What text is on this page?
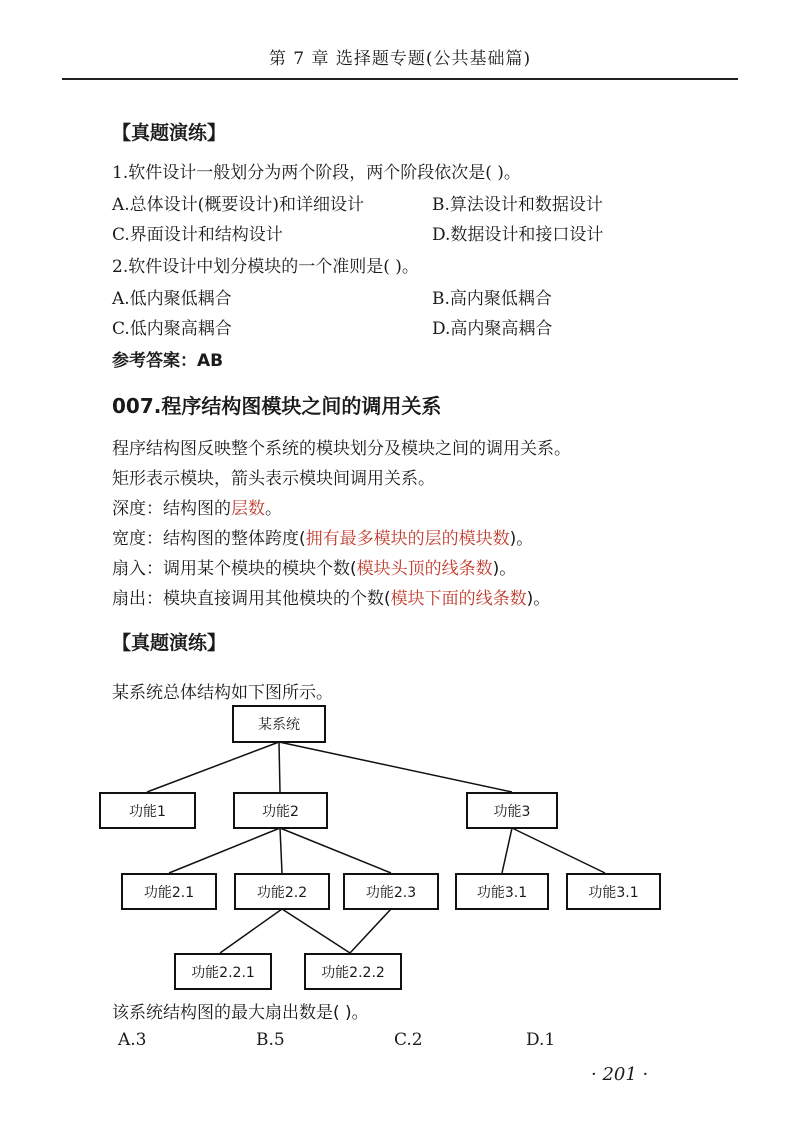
第 7 章 选择题专题(公共基础篇)
【真题演练】
1.软件设计一般划分为两个阶段，两个阶段依次是( )。
A.总体设计(概要设计)和详细设计	B.算法设计和数据设计
C.界面设计和结构设计	D.数据设计和接口设计
2.软件设计中划分模块的一个准则是( )。
A.低内聚低耦合	B.高内聚低耦合
C.低内聚高耦合	D.高内聚高耦合
参考答案：AB
007.程序结构图模块之间的调用关系
程序结构图反映整个系统的模块划分及模块之间的调用关系。
矩形表示模块，箭头表示模块间调用关系。
深度：结构图的层数。
宽度：结构图的整体跨度(拥有最多模块的层的模块数)。
扇入：调用某个模块的模块个数(模块头顶的线条数)。
扇出：模块直接调用其他模块的个数(模块下面的线条数)。
【真题演练】
某系统总体结构如下图所示。
某系统
功能1	功能2	功能3
功能2.1	功能2.2	功能2.3	功能3.1	功能3.1
功能2.2.1	功能2.2.2
该系统结构图的最大扇出数是( )。
A.3	B.5	C.2	D.1
· 201 ·
